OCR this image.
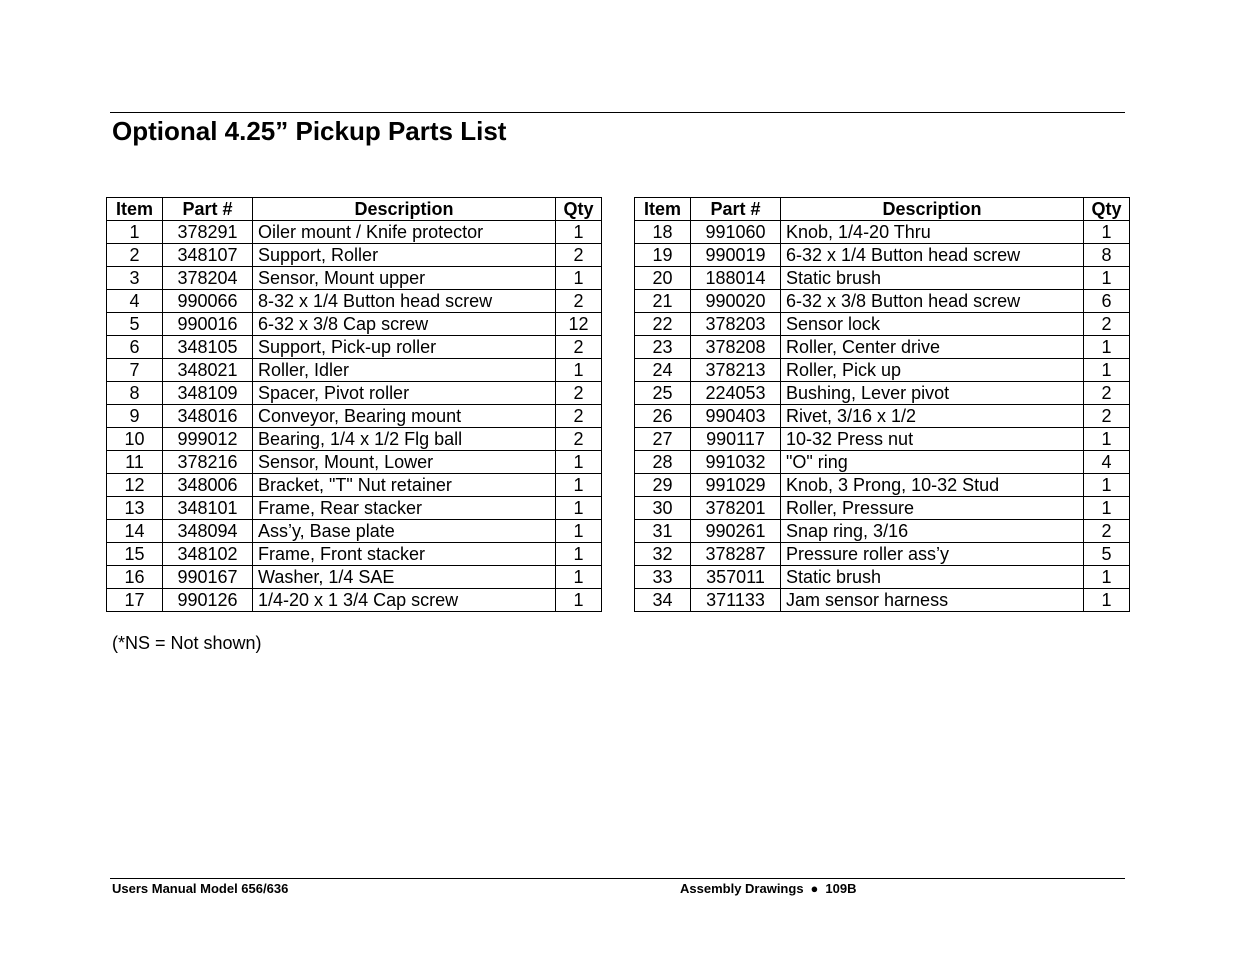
Optional 4.25” Pickup Parts List
Item	Part #	Description	Qty
1	378291	Oiler mount / Knife protector	1
2	348107	Support, Roller	2
3	378204	Sensor, Mount upper	1
4	990066	8-32 x 1/4 Button head screw	2
5	990016	6-32 x 3/8 Cap screw	12
6	348105	Support, Pick-up roller	2
7	348021	Roller, Idler	1
8	348109	Spacer, Pivot roller	2
9	348016	Conveyor, Bearing mount	2
10	999012	Bearing, 1/4 x 1/2 Flg ball	2
11	378216	Sensor, Mount, Lower	1
12	348006	Bracket, "T" Nut retainer	1
13	348101	Frame, Rear stacker	1
14	348094	Ass’y, Base plate	1
15	348102	Frame, Front stacker	1
16	990167	Washer, 1/4 SAE	1
17	990126	1/4-20 x 1 3/4 Cap screw	1
Item	Part #	Description	Qty
18	991060	Knob, 1/4-20 Thru	1
19	990019	6-32 x 1/4 Button head screw	8
20	188014	Static brush	1
21	990020	6-32 x 3/8 Button head screw	6
22	378203	Sensor lock	2
23	378208	Roller, Center drive	1
24	378213	Roller, Pick up	1
25	224053	Bushing, Lever pivot	2
26	990403	Rivet, 3/16 x 1/2	2
27	990117	10-32 Press nut	1
28	991032	"O" ring	4
29	991029	Knob, 3 Prong, 10-32 Stud	1
30	378201	Roller, Pressure	1
31	990261	Snap ring, 3/16	2
32	378287	Pressure roller ass’y	5
33	357011	Static brush	1
34	371133	Jam sensor harness	1
(*NS = Not shown)
Users Manual Model 656/636	Assembly Drawings ● 109B
